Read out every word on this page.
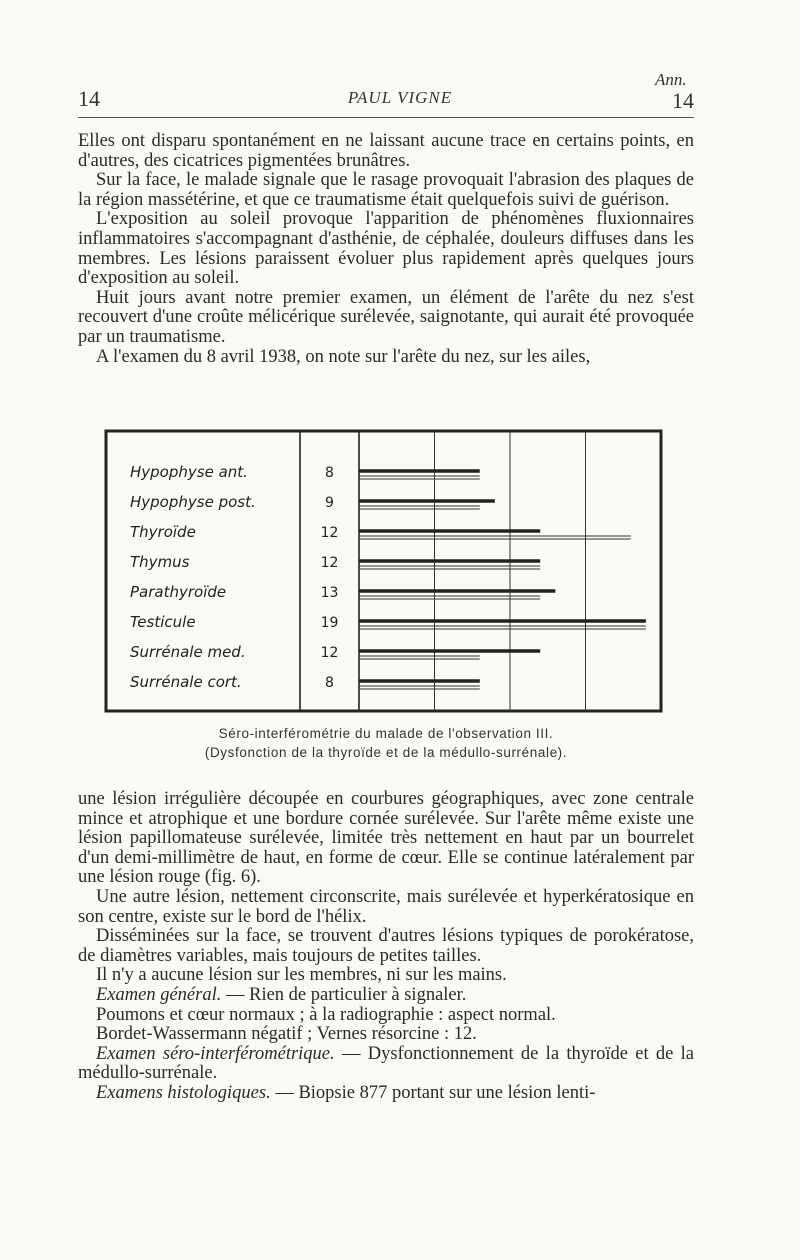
14	PAUL VIGNE
Ann.
14

Elles ont disparu spontanément en ne laissant aucune trace en certains points, en d'autres, des cicatrices pigmentées brunâtres.

Sur la face, le malade signale que le rasage provoquait l'abrasion des plaques de la région massétérine, et que ce traumatisme était quelquefois suivi de guérison.

L'exposition au soleil provoque l'apparition de phénomènes fluxionnaires inflammatoires s'accompagnant d'asthénie, de céphalée, douleurs diffuses dans les membres. Les lésions paraissent évoluer plus rapidement après quelques jours d'exposition au soleil.

Huit jours avant notre premier examen, un élément de l'arête du nez s'est recouvert d'une croûte mélicérique surélevée, saignotante, qui aurait été provoquée par un traumatisme.

A l'examen du 8 avril 1938, on note sur l'arête du nez, sur les ailes,

Hypophyse ant.	8
Hypophyse post.	9
Thyroïde	12
Thymus	12
Parathyroïde	13
Testicule	19
Surrénale med.	12
Surrénale cort.	8
Séro-interférométrie du malade de l'observation III.
(Dysfonction de la thyroïde et de la médullo-surrénale).

une lésion irrégulière découpée en courbures géographiques, avec zone centrale mince et atrophique et une bordure cornée surélevée. Sur l'arête même existe une lésion papillomateuse surélevée, limitée très nettement en haut par un bourrelet d'un demi-millimètre de haut, en forme de cœur. Elle se continue latéralement par une lésion rouge (fig. 6).

Une autre lésion, nettement circonscrite, mais surélevée et hyperkératosique en son centre, existe sur le bord de l'hélix.

Disséminées sur la face, se trouvent d'autres lésions typiques de porokératose, de diamètres variables, mais toujours de petites tailles.

Il n'y a aucune lésion sur les membres, ni sur les mains.

Examen général. — Rien de particulier à signaler.

Poumons et cœur normaux ; à la radiographie : aspect normal.

Bordet-Wassermann négatif ; Vernes résorcine : 12.

Examen séro-interférométrique. — Dysfonctionnement de la thyroïde et de la médullo-surrénale.

Examens histologiques. — Biopsie 877 portant sur une lésion lenti-
